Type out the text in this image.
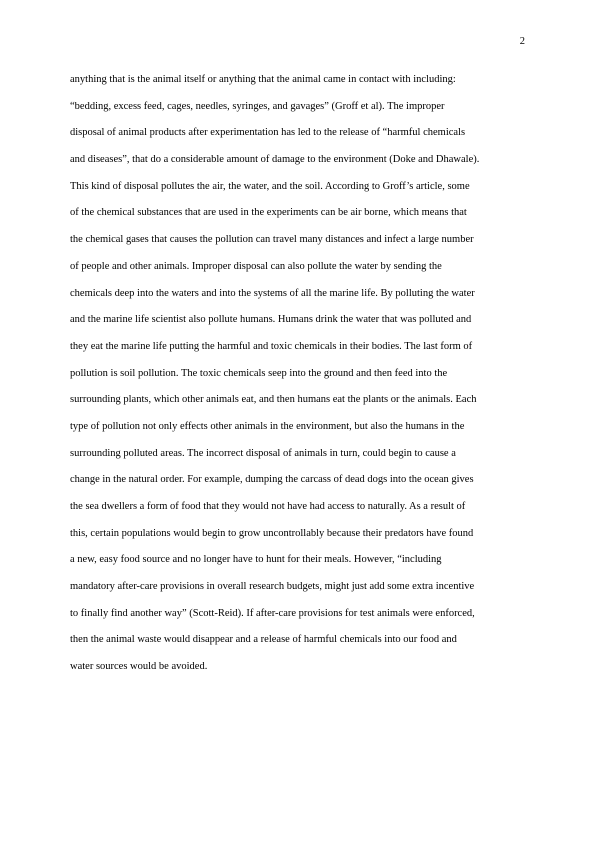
2
anything that is the animal itself or anything that the animal came in contact with including:
“bedding, excess feed, cages, needles, syringes, and gavages” (Groff et al). The improper
disposal of animal products after experimentation has led to the release of “harmful chemicals
and diseases”, that do a considerable amount of damage to the environment (Doke and Dhawale).
This kind of disposal pollutes the air, the water, and the soil. According to Groff’s article, some
of the chemical substances that are used in the experiments can be air borne, which means that
the chemical gases that causes the pollution can travel many distances and infect a large number
of people and other animals. Improper disposal can also pollute the water by sending the
chemicals deep into the waters and into the systems of all the marine life. By polluting the water
and the marine life scientist also pollute humans. Humans drink the water that was polluted and
they eat the marine life putting the harmful and toxic chemicals in their bodies. The last form of
pollution is soil pollution. The toxic chemicals seep into the ground and then feed into the
surrounding plants, which other animals eat, and then humans eat the plants or the animals. Each
type of pollution not only effects other animals in the environment, but also the humans in the
surrounding polluted areas. The incorrect disposal of animals in turn, could begin to cause a
change in the natural order. For example, dumping the carcass of dead dogs into the ocean gives
the sea dwellers a form of food that they would not have had access to naturally. As a result of
this, certain populations would begin to grow uncontrollably because their predators have found
a new, easy food source and no longer have to hunt for their meals. However, “including
mandatory after-care provisions in overall research budgets, might just add some extra incentive
to finally find another way” (Scott-Reid). If after-care provisions for test animals were enforced,
then the animal waste would disappear and a release of harmful chemicals into our food and
water sources would be avoided.
